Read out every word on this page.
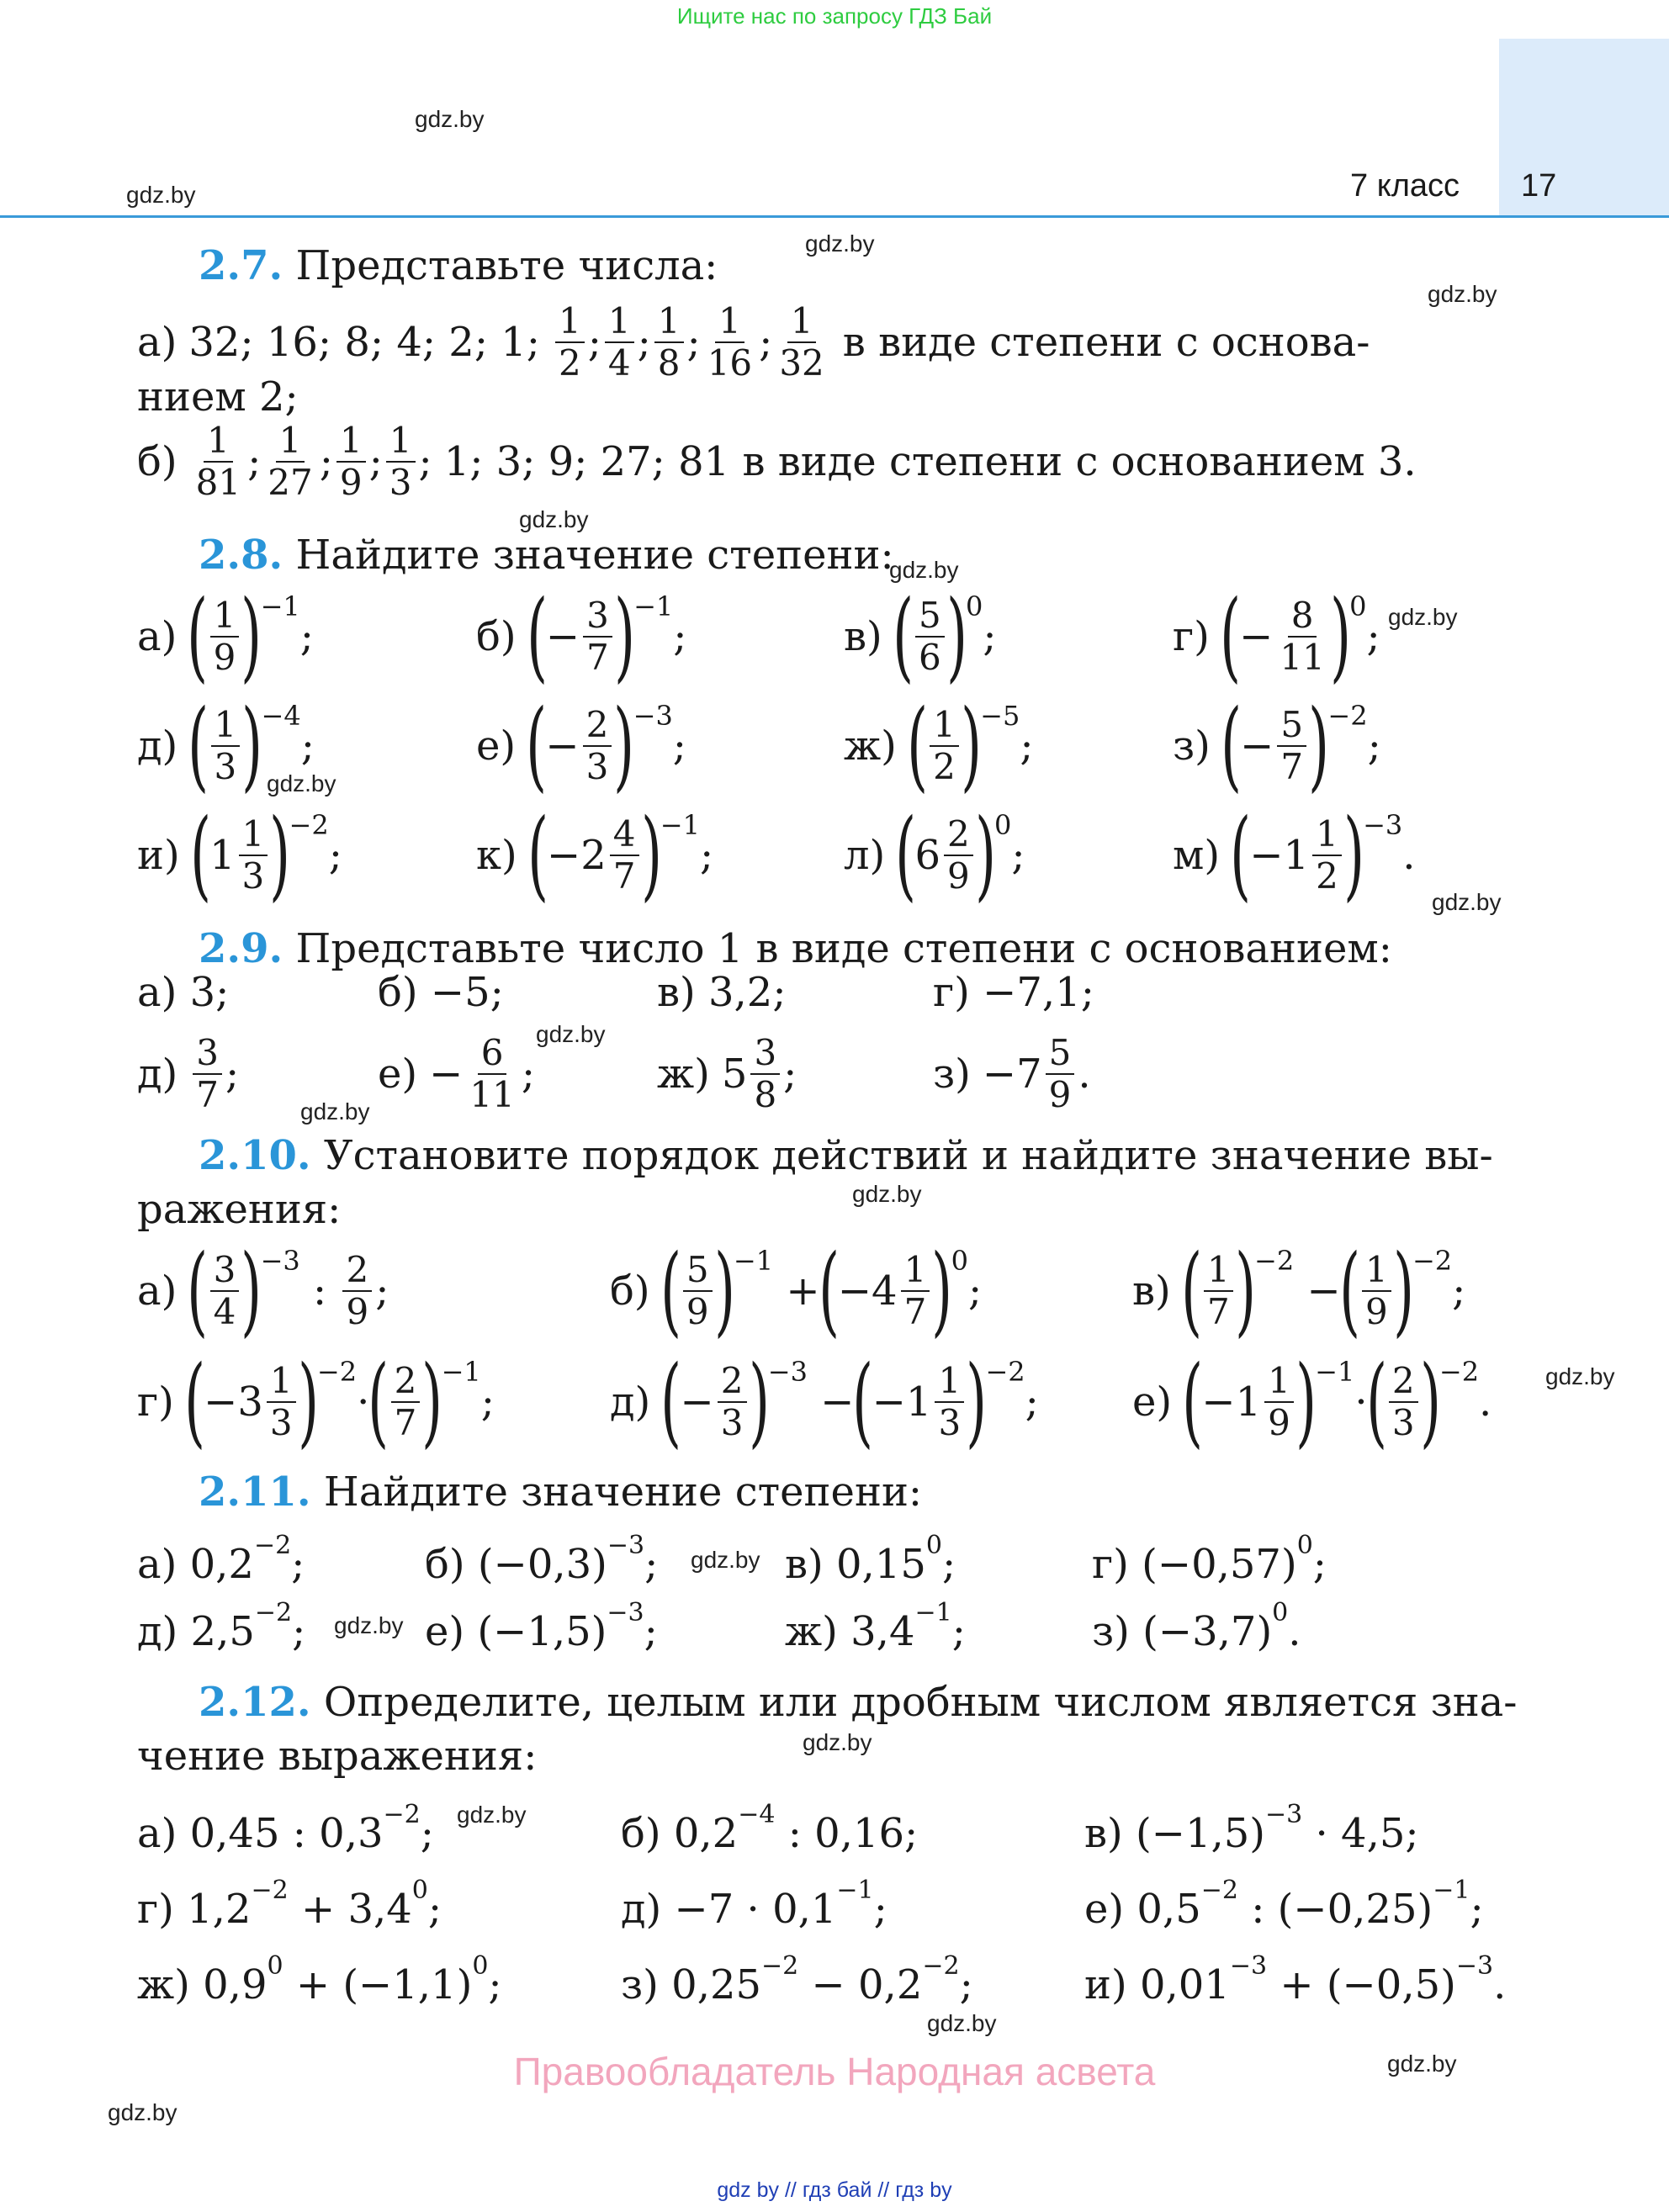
Ищите нас по запросу ГДЗ Бай
7 класс 17
gdz.by
gdz.by
gdz.by
gdz.by
gdz.by
gdz.by
gdz.by
gdz.by
gdz.by
gdz.by
gdz.by
gdz.by
gdz.by
gdz.by
gdz.by
gdz.by
gdz.by
gdz.by
gdz.by
gdz.by
2.7. Представьте числа:
а) 32; 16; 8; 4; 2; 1; $\frac{1}{2}$ ; $\frac{1}{4}$ ; $\frac{1}{8}$ ; $\frac{1}{16}$ ; $\frac{1}{32}$ в виде степени с основа-
нием 2;
$б) \frac{1}{81}$ ; $\frac{1}{27}$ ; $\frac{1}{9}$ ; $\frac{1}{3}$ ; 1; 3; 9; 27; 81 в виде степени с основанием 3.
2.8. Найдите значение степени:
а) ( $\frac{1}{9}$ )
−1
;	б) (
− $\frac{3}{7}$ )
−1
;	в) ( $\frac{5}{6}$ )
0
;	г) (
− $\frac{8}{11}$ )
0
;
д) ( $\frac{1}{3}$ )
−4
;	е) (
− $\frac{2}{3}$ )
−3
;	ж) ( $\frac{1}{2}$ )
−5
;	з) (
− $\frac{5}{7}$ )
−2
;
и) (
$1 \frac{1}{3}$ )
−2
;	к) (
$-2 \frac{4}{7}$ )
−1
;	л) (
$6 \frac{2}{9}$ )
0
;	м) (
$-1 \frac{1}{2}$ )
−3
.
2.9. Представьте число 1 в виде степени с основанием:
а) 3;	б) −5;	в) 3,2;	г) −7,1;
$д) \frac{3}{7}$ ;	$е) - \frac{6}{11}$ ;	ж) $5 \frac{3}{8}$ ;	$з) -7 \frac{5}{9}$ .
2.10. Установите порядок действий и найдите значение вы-
ражения:
а) ( $\frac{3}{4}$ )
−3
: $\frac{2}{9}$ ;	б) ( $\frac{5}{9}$ )
−1
+
(
$-4 \frac{1}{7}$ )
0
;	в) ( $\frac{1}{7}$ )
−2
−
( $\frac{1}{9}$ )
−2
;
г) (
$-3 \frac{1}{3}$ )
−2
·
( $\frac{2}{7}$ )
−1
;	д) (
− $\frac{2}{3}$ )
−3
−
(
$-1 \frac{1}{3}$ )
−2
; е) (
$-1 \frac{1}{9}$ )
−1
·
( $\frac{2}{3}$ )
−2
.
2.11. Найдите значение степени:
а) 0,2 −2 ;	б) (−0,3) −3 ;	в) 0,15 0 ;	г) (−0,57) 0 ;
д) 2,5 −2 ;	е) (−1,5) −3 ;	ж) 3,4 −1 ;	з) (−3,7) 0 .
2.12. Определите, целым или дробным числом является зна-
чение выражения:
а) 0,45 : 0,3 −2 ;	б) 0,2 −4 : 0,16;	в) (−1,5) −3 · 4,5;
г) 1,2 −2 + 3,4 0 ;	д) −7 · 0,1 −1 ;	е) 0,5 −2 : (−0,25) −1 ;
ж) 0,9 0 + (−1,1) 0 ;	з) 0,25 −2 − 0,2 −2 ;	и) 0,01 −3 + (−0,5) −3 .
Правообладатель Народная асвета
gdz by // гдз бай // гдз by
